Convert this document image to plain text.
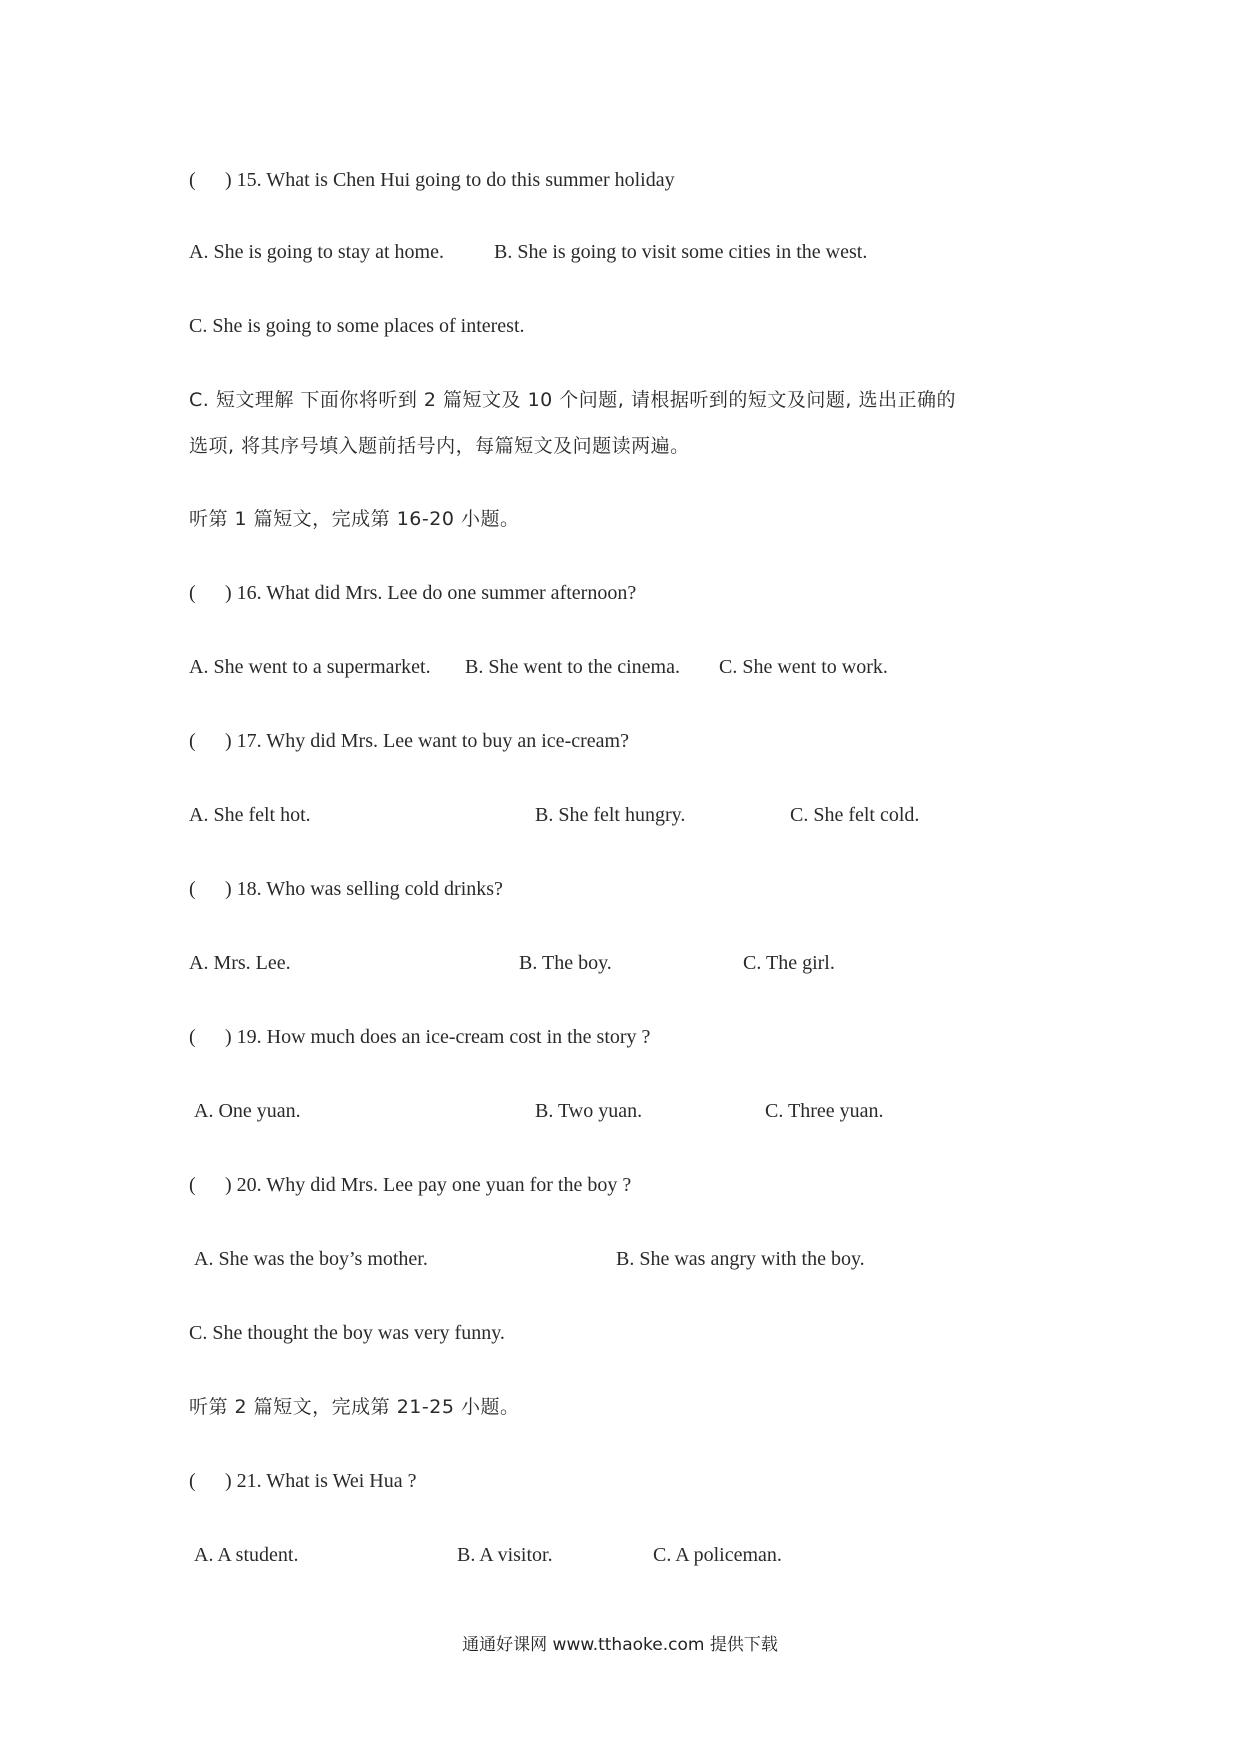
( ) 15. What is Chen Hui going to do this summer holiday
A. She is going to stay at home.	B. She is going to visit some cities in the west.
C. She is going to some places of interest.
C. 短文理解 下面你将听到 2 篇短文及 10 个问题, 请根据听到的短文及问题, 选出正确的
选项, 将其序号填入题前括号内，每篇短文及问题读两遍。
听第 1 篇短文，完成第 16-20 小题。
( ) 16. What did Mrs. Lee do one summer afternoon?
A. She went to a supermarket. B. She went to the cinema. C. She went to work.
( ) 17. Why did Mrs. Lee want to buy an ice-cream?
A. She felt hot.	B. She felt hungry.	C. She felt cold.
( ) 18. Who was selling cold drinks?
A. Mrs. Lee.	B. The boy.	C. The girl.
( ) 19. How much does an ice-cream cost in the story ?
A. One yuan.	B. Two yuan.	C. Three yuan.
( ) 20. Why did Mrs. Lee pay one yuan for the boy ?
A. She was the boy’s mother.	B. She was angry with the boy.
C. She thought the boy was very funny.
听第 2 篇短文，完成第 21-25 小题。
( ) 21. What is Wei Hua ?
A. A student.	B. A visitor.	C. A policeman.
通通好课网 www.tthaoke.com 提供下载
